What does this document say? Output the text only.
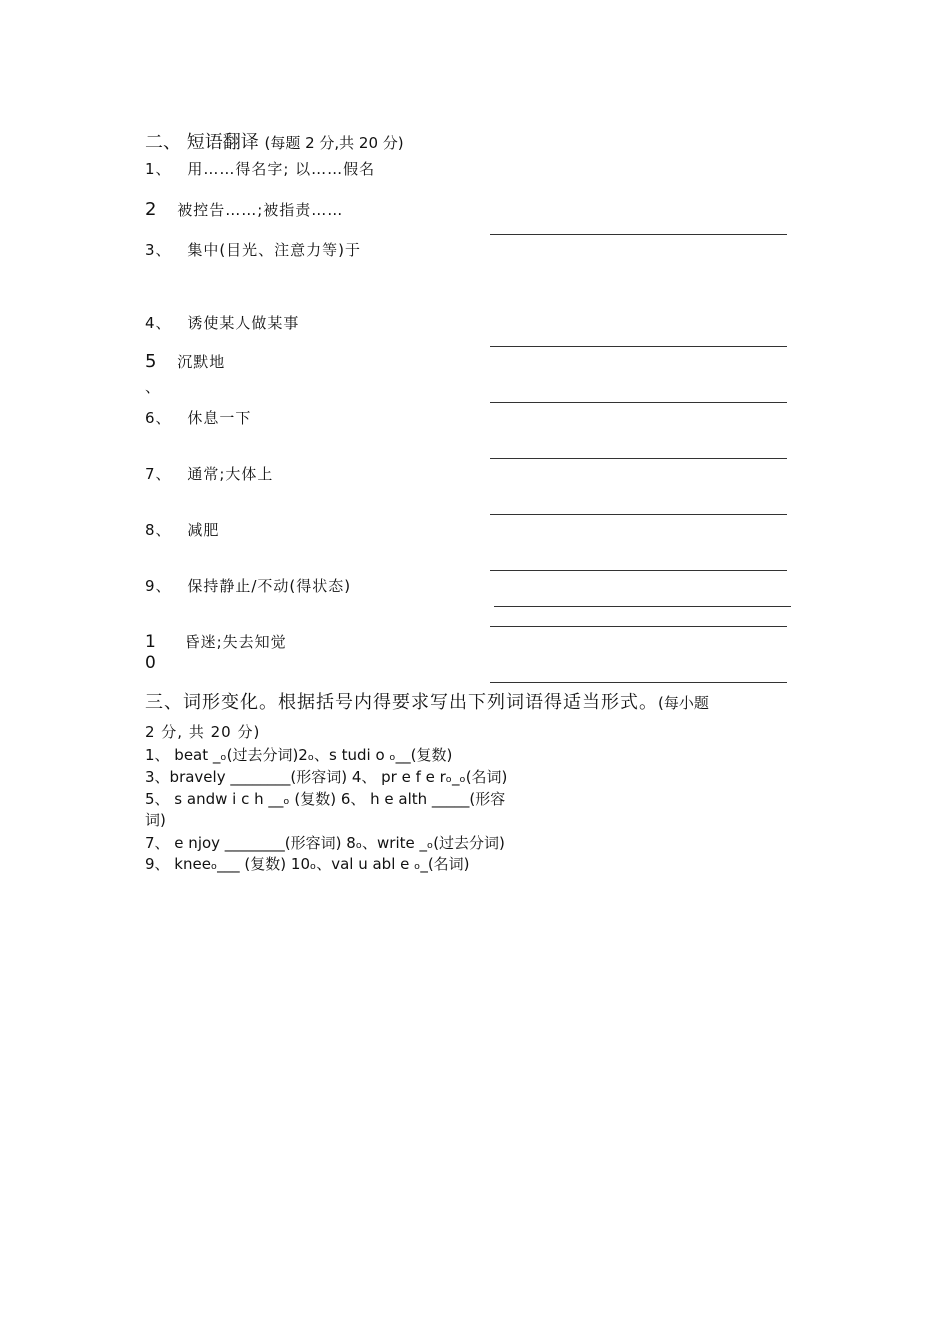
二、 短语翻译 (每题 2 分,共 20 分)
1、 用……得名字; 以……假名
2 被控告……;被指责……
3、 集中(目光、注意力等)于
4、 诱使某人做某事
5 沉默地
、
6、 休息一下
7、 通常;大体上
8、 减肥
9、 保持静止/不动(得状态)
1 昏迷;失去知觉
0
三、词形变化。根据括号内得要求写出下列词语得适当形式。(每小题
2 分, 共 20 分)
1、 beat _ₒ(过去分词)2ₒ、s tudi o ₒ__(复数)
3、bravely ________(形容词) 4、 pr e f e rₒ_ₒ(名词)
5、 s andw i c h __ₒ (复数) 6、 h e alth _____(形容
词)
7、 e njoy ________(形容词) 8ₒ、write _ₒ(过去分词)
9、 kneeₒ___ (复数) 10ₒ、val u abl e ₒ_(名词)
